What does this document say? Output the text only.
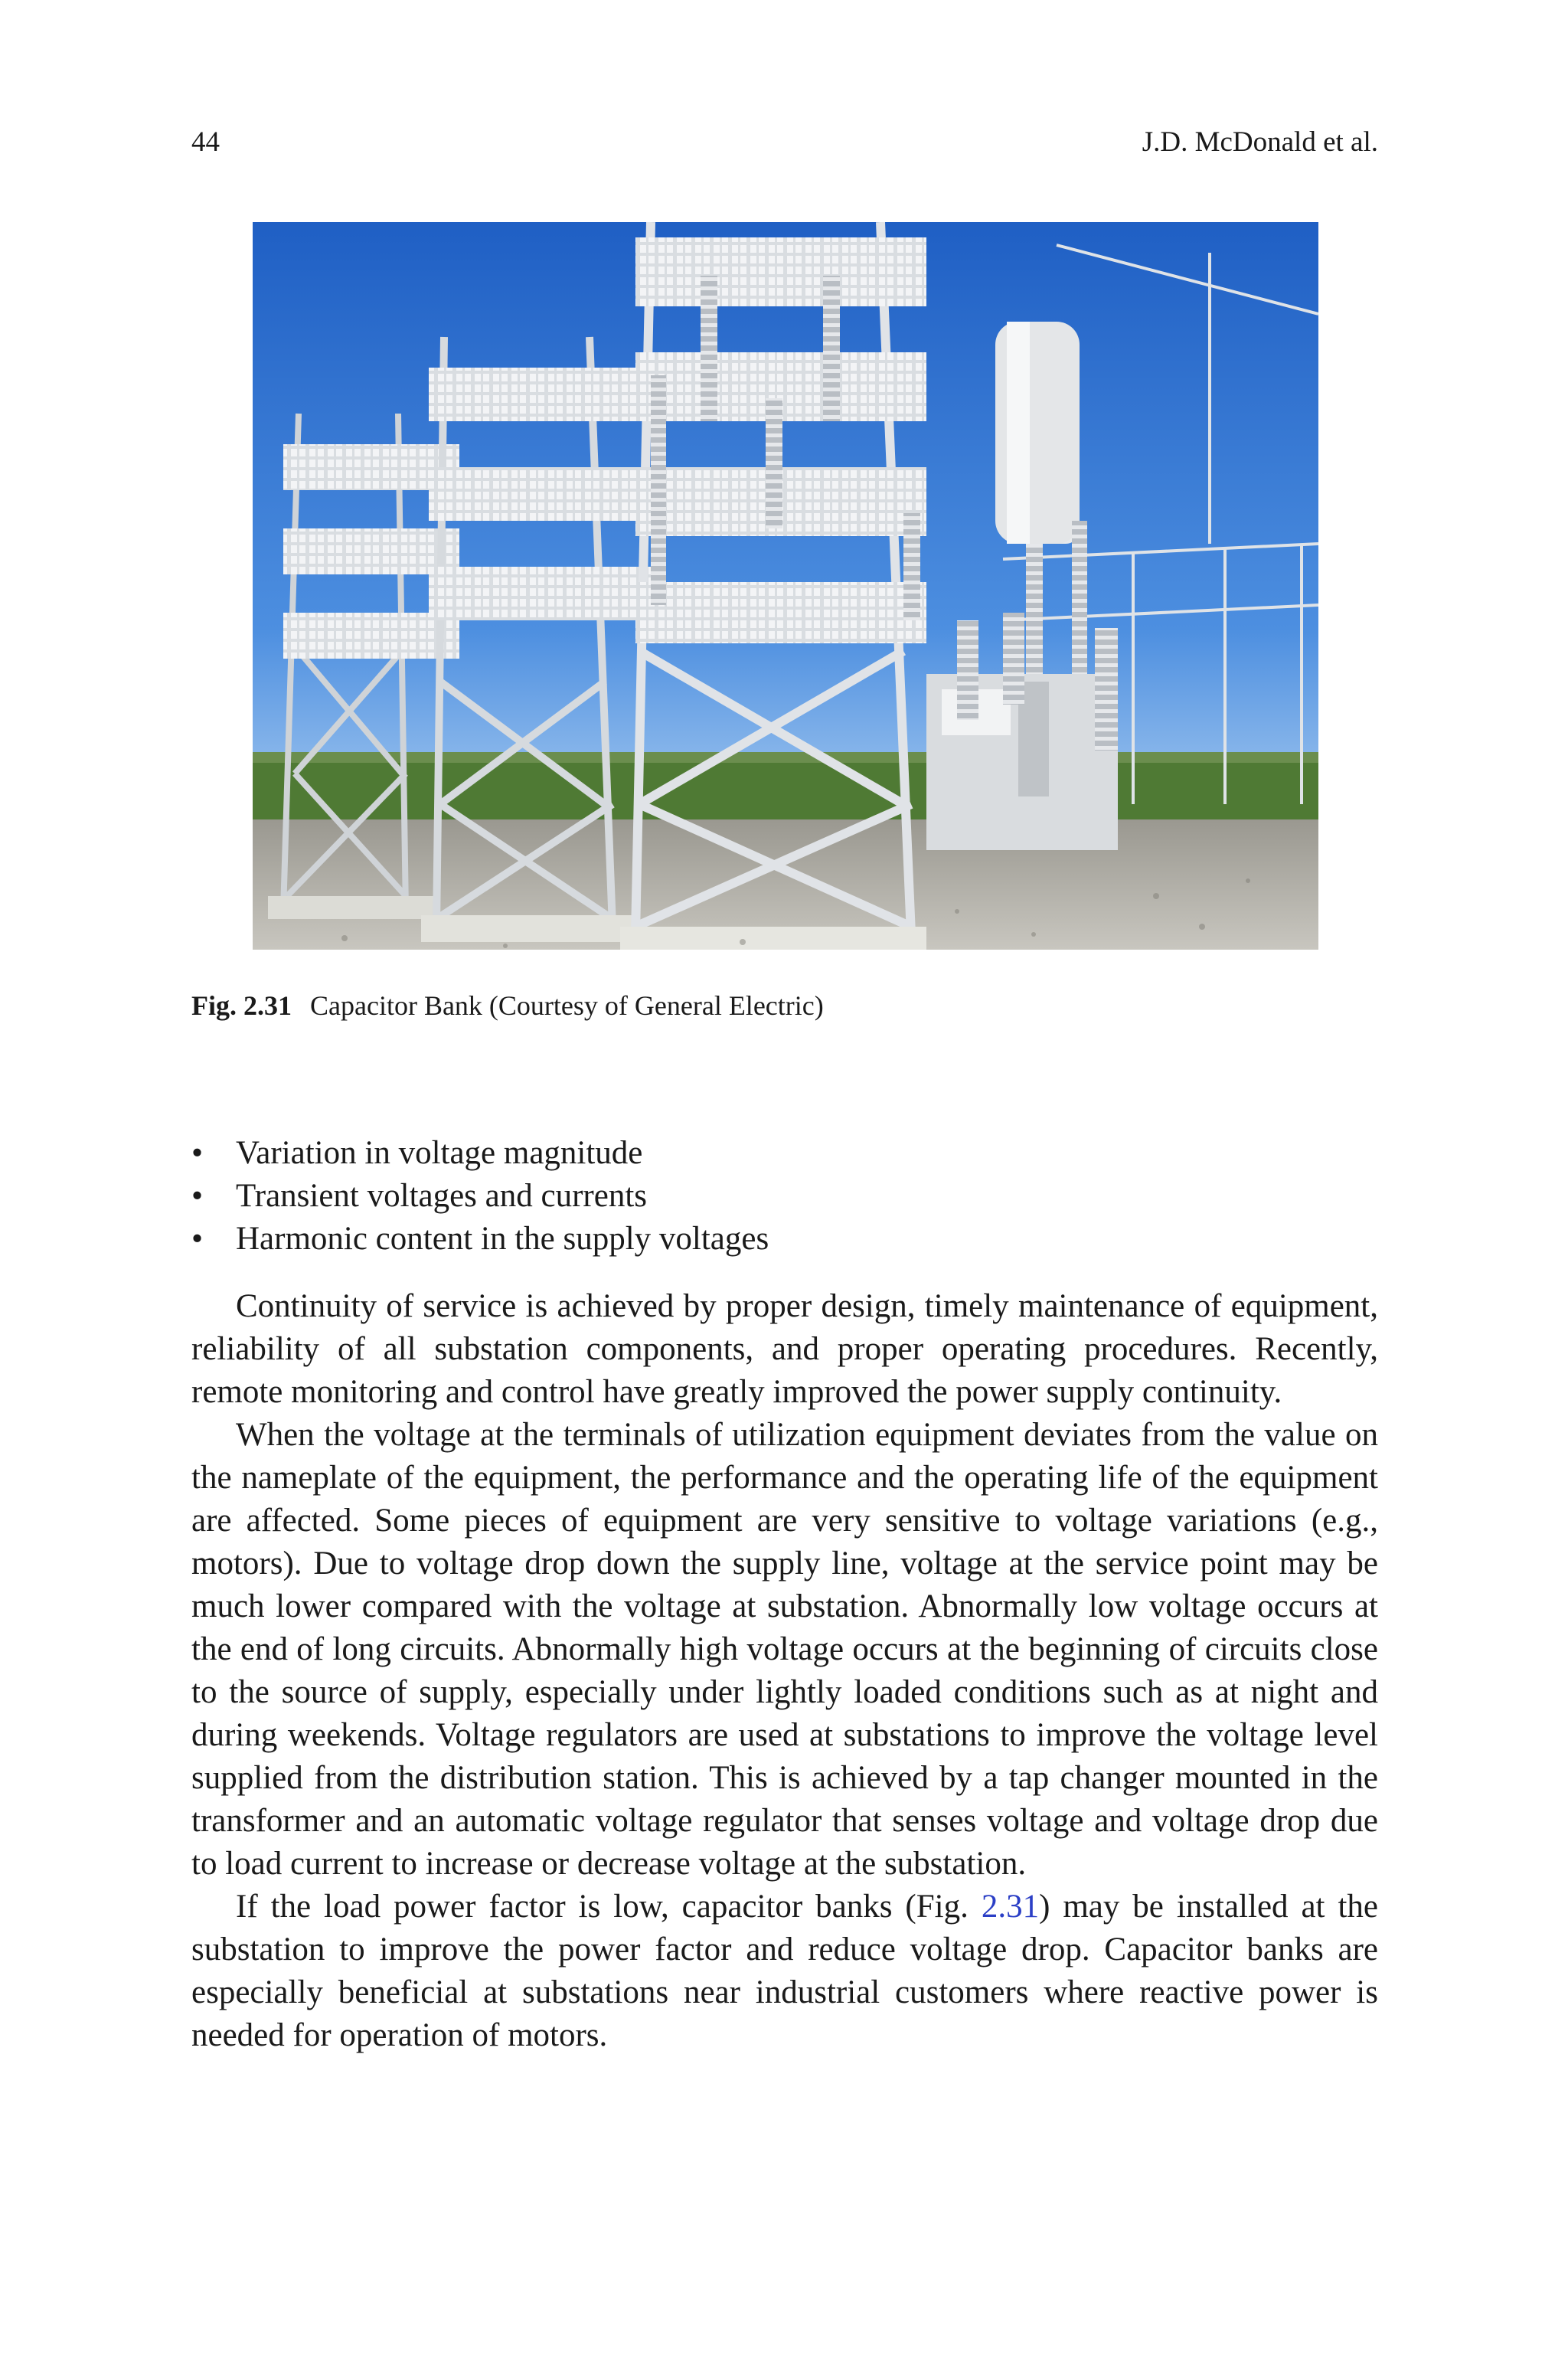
44	J.D. McDonald et al.
Fig. 2.31 Capacitor Bank (Courtesy of General Electric)
• Variation in voltage magnitude
• Transient voltages and currents
• Harmonic content in the supply voltages

Continuity of service is achieved by proper design, timely maintenance of equipment, reliability of all substation components, and proper operating procedures. Recently, remote monitoring and control have greatly improved the power supply continuity.

When the voltage at the terminals of utilization equipment deviates from the value on the nameplate of the equipment, the performance and the operating life of the equipment are affected. Some pieces of equipment are very sensitive to voltage variations (e.g., motors). Due to voltage drop down the supply line, voltage at the service point may be much lower compared with the voltage at substation. Abnormally low voltage occurs at the end of long circuits. Abnormally high voltage occurs at the beginning of circuits close to the source of supply, especially under lightly loaded conditions such as at night and during weekends. Voltage regulators are used at substations to improve the voltage level supplied from the distribution station. This is achieved by a tap changer mounted in the transformer and an automatic voltage regulator that senses voltage and voltage drop due to load current to increase or decrease voltage at the substation.

If the load power factor is low, capacitor banks (Fig. 2.31) may be installed at the substation to improve the power factor and reduce voltage drop. Capacitor banks are especially beneficial at substations near industrial customers where reactive power is needed for operation of motors.
